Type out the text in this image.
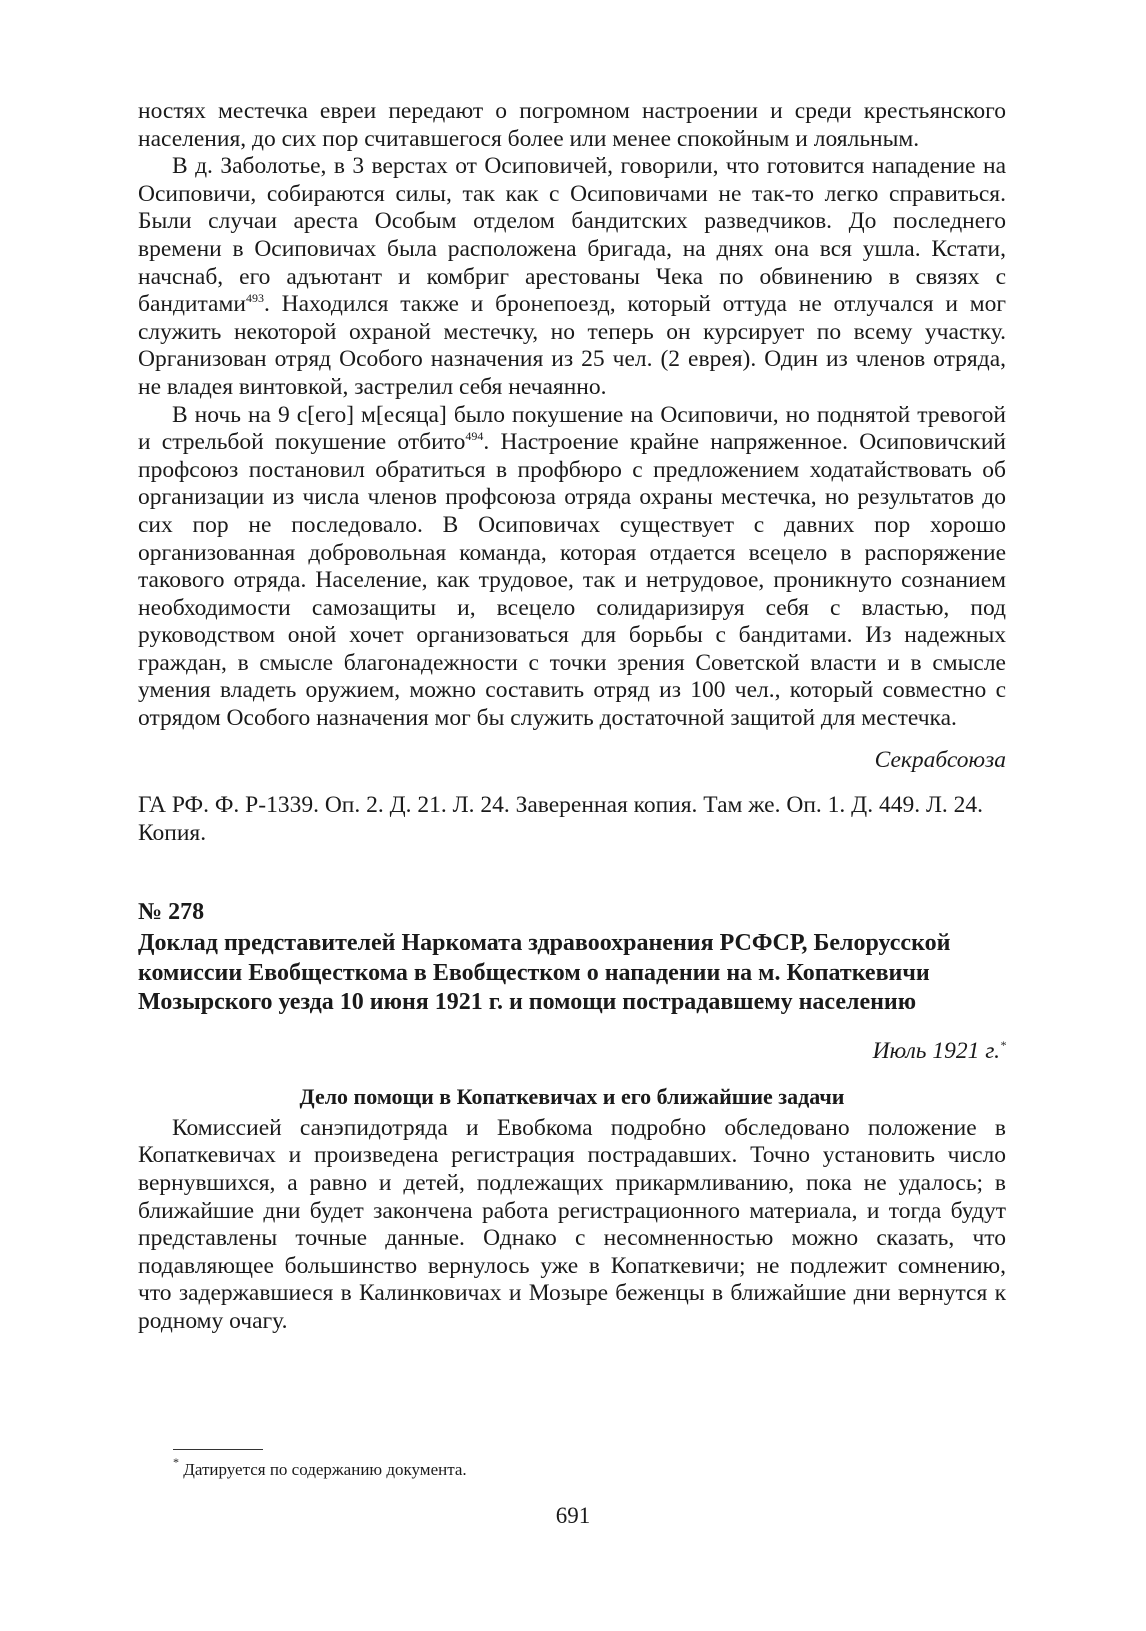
ностях местечка евреи передают о погромном настроении и среди крестьянского населения, до сих пор считавшегося более или менее спокойным и лояльным.

В д. Заболотье, в 3 верстах от Осиповичей, говорили, что готовится нападение на Осиповичи, собираются силы, так как с Осиповичами не так-то легко справиться. Были случаи ареста Особым отделом бандитских разведчиков. До последнего времени в Осиповичах была расположена бригада, на днях она вся ушла. Кстати, начснаб, его адъютант и комбриг арестованы Чека по обвинению в связях с бандитами$^{493}$. Находился также и бронепоезд, который оттуда не отлучался и мог служить некоторой охраной местечку, но теперь он курсирует по всему участку. Организован отряд Особого назначения из 25 чел. (2 еврея). Один из членов отряда, не владея винтовкой, застрелил себя нечаянно.

В ночь на 9 с[его] м[есяца] было покушение на Осиповичи, но поднятой тревогой и стрельбой покушение отбито$^{494}$. Настроение крайне напряженное. Осиповичский профсоюз постановил обратиться в профбюро с предложением ходатайствовать об организации из числа членов профсоюза отряда охраны местечка, но результатов до сих пор не последовало. В Осиповичах существует с давних пор хорошо организованная добровольная команда, которая отдается всецело в распоряжение такового отряда. Население, как трудовое, так и нетрудовое, проникнуто сознанием необходимости самозащиты и, всецело солидаризируя себя с властью, под руководством оной хочет организоваться для борьбы с бандитами. Из надежных граждан, в смысле благонадежности с точки зрения Советской власти и в смысле умения владеть оружием, можно составить отряд из 100 чел., который совместно с отрядом Особого назначения мог бы служить достаточной защитой для местечка.

Секрабсоюза
ГА РФ. Ф. Р-1339. Оп. 2. Д. 21. Л. 24. Заверенная копия. Там же. Оп. 1. Д. 449. Л. 24. Копия.
№ 278
Доклад представителей Наркомата здравоохранения РСФСР, Белорусской комиссии Евобщесткома в Евобщестком о нападении на м. Копаткевичи Мозырского уезда 10 июня 1921 г. и помощи пострадавшему населению
Июль 1921 г.*
Дело помощи в Копаткевичах и его ближайшие задачи

Комиссией санэпидотряда и Евобкома подробно обследовано положение в Копаткевичах и произведена регистрация пострадавших. Точно установить число вернувшихся, а равно и детей, подлежащих прикармливанию, пока не удалось; в ближайшие дни будет закончена работа регистрационного материала, и тогда будут представлены точные данные. Однако с несомненностью можно сказать, что подавляющее большинство вернулось уже в Копаткевичи; не подлежит сомнению, что задержавшиеся в Калинковичах и Мозыре беженцы в ближайшие дни вернутся к родному очагу.

* Датируется по содержанию документа.
691
